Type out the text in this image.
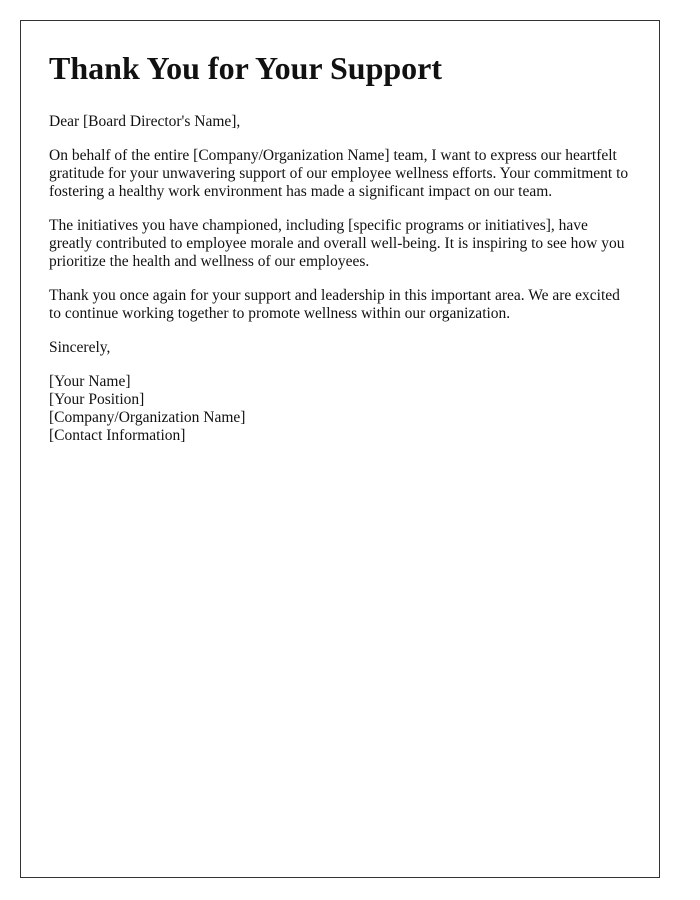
Thank You for Your Support

Dear [Board Director's Name],

On behalf of the entire [Company/Organization Name] team, I want to express our heartfelt gratitude for your unwavering support of our employee wellness efforts. Your commitment to fostering a healthy work environment has made a significant impact on our team.

The initiatives you have championed, including [specific programs or initiatives], have greatly contributed to employee morale and overall well-being. It is inspiring to see how you prioritize the health and wellness of our employees.

Thank you once again for your support and leadership in this important area. We are excited to continue working together to promote wellness within our organization.

Sincerely,

[Your Name]
[Your Position]
[Company/Organization Name]
[Contact Information]
